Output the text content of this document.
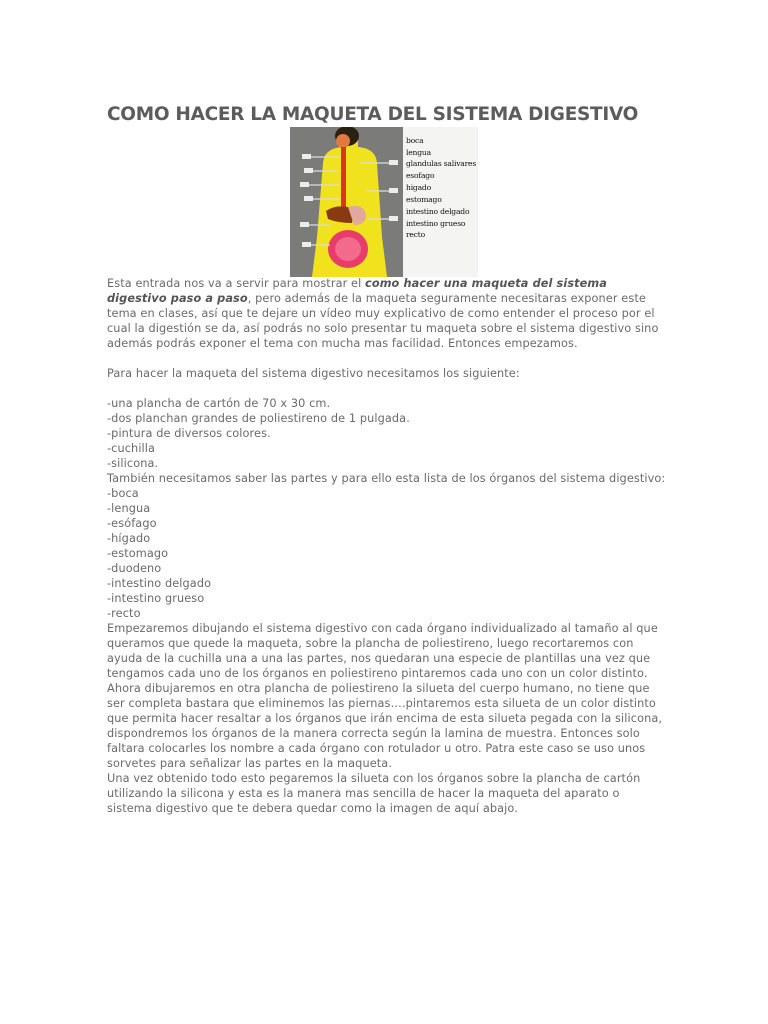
COMO HACER LA MAQUETA DEL SISTEMA DIGESTIVO
boca
lengua
glandulas salivares
esofago
higado
estomago
intestino delgado
intestino grueso
recto

Esta entrada nos va a servir para mostrar el como hacer una maqueta del sistema digestivo paso a paso, pero además de la maqueta seguramente necesitaras exponer este tema en clases, así que te dejare un vídeo muy explicativo de como entender el proceso por el cual la digestión se da, así podrás no solo presentar tu maqueta sobre el sistema digestivo sino además podrás exponer el tema con mucha mas facilidad. Entonces empezamos.

Para hacer la maqueta del sistema digestivo necesitamos los siguiente:

-una plancha de cartón de 70 x 30 cm.

-dos planchan grandes de poliestireno de 1 pulgada.

-pintura de diversos colores.

-cuchilla

-silicona.

También necesitamos saber las partes y para ello esta lista de los órganos del sistema digestivo:

-boca

-lengua

-esófago

-hígado

-estomago

-duodeno

-intestino delgado

-intestino grueso

-recto

Empezaremos dibujando el sistema digestivo con cada órgano individualizado al tamaño al que queramos que quede la maqueta, sobre la plancha de poliestireno, luego recortaremos con ayuda de la cuchilla una a una las partes, nos quedaran una especie de plantillas una vez que tengamos cada uno de los órganos en poliestireno pintaremos cada uno con un color distinto. Ahora dibujaremos en otra plancha de poliestireno la silueta del cuerpo humano, no tiene que ser completa bastara que eliminemos las piernas….pintaremos esta silueta de un color distinto que permita hacer resaltar a los órganos que irán encima de esta silueta pegada con la silicona, dispondremos los órganos de la manera correcta según la lamina de muestra. Entonces solo faltara colocarles los nombre a cada órgano con rotulador u otro. Patra este caso se uso unos sorvetes para señalizar las partes en la maqueta.

Una vez obtenido todo esto pegaremos la silueta con los órganos sobre la plancha de cartón utilizando la silicona y esta es la manera mas sencilla de hacer la maqueta del aparato o sistema digestivo que te debera quedar como la imagen de aquí abajo.
